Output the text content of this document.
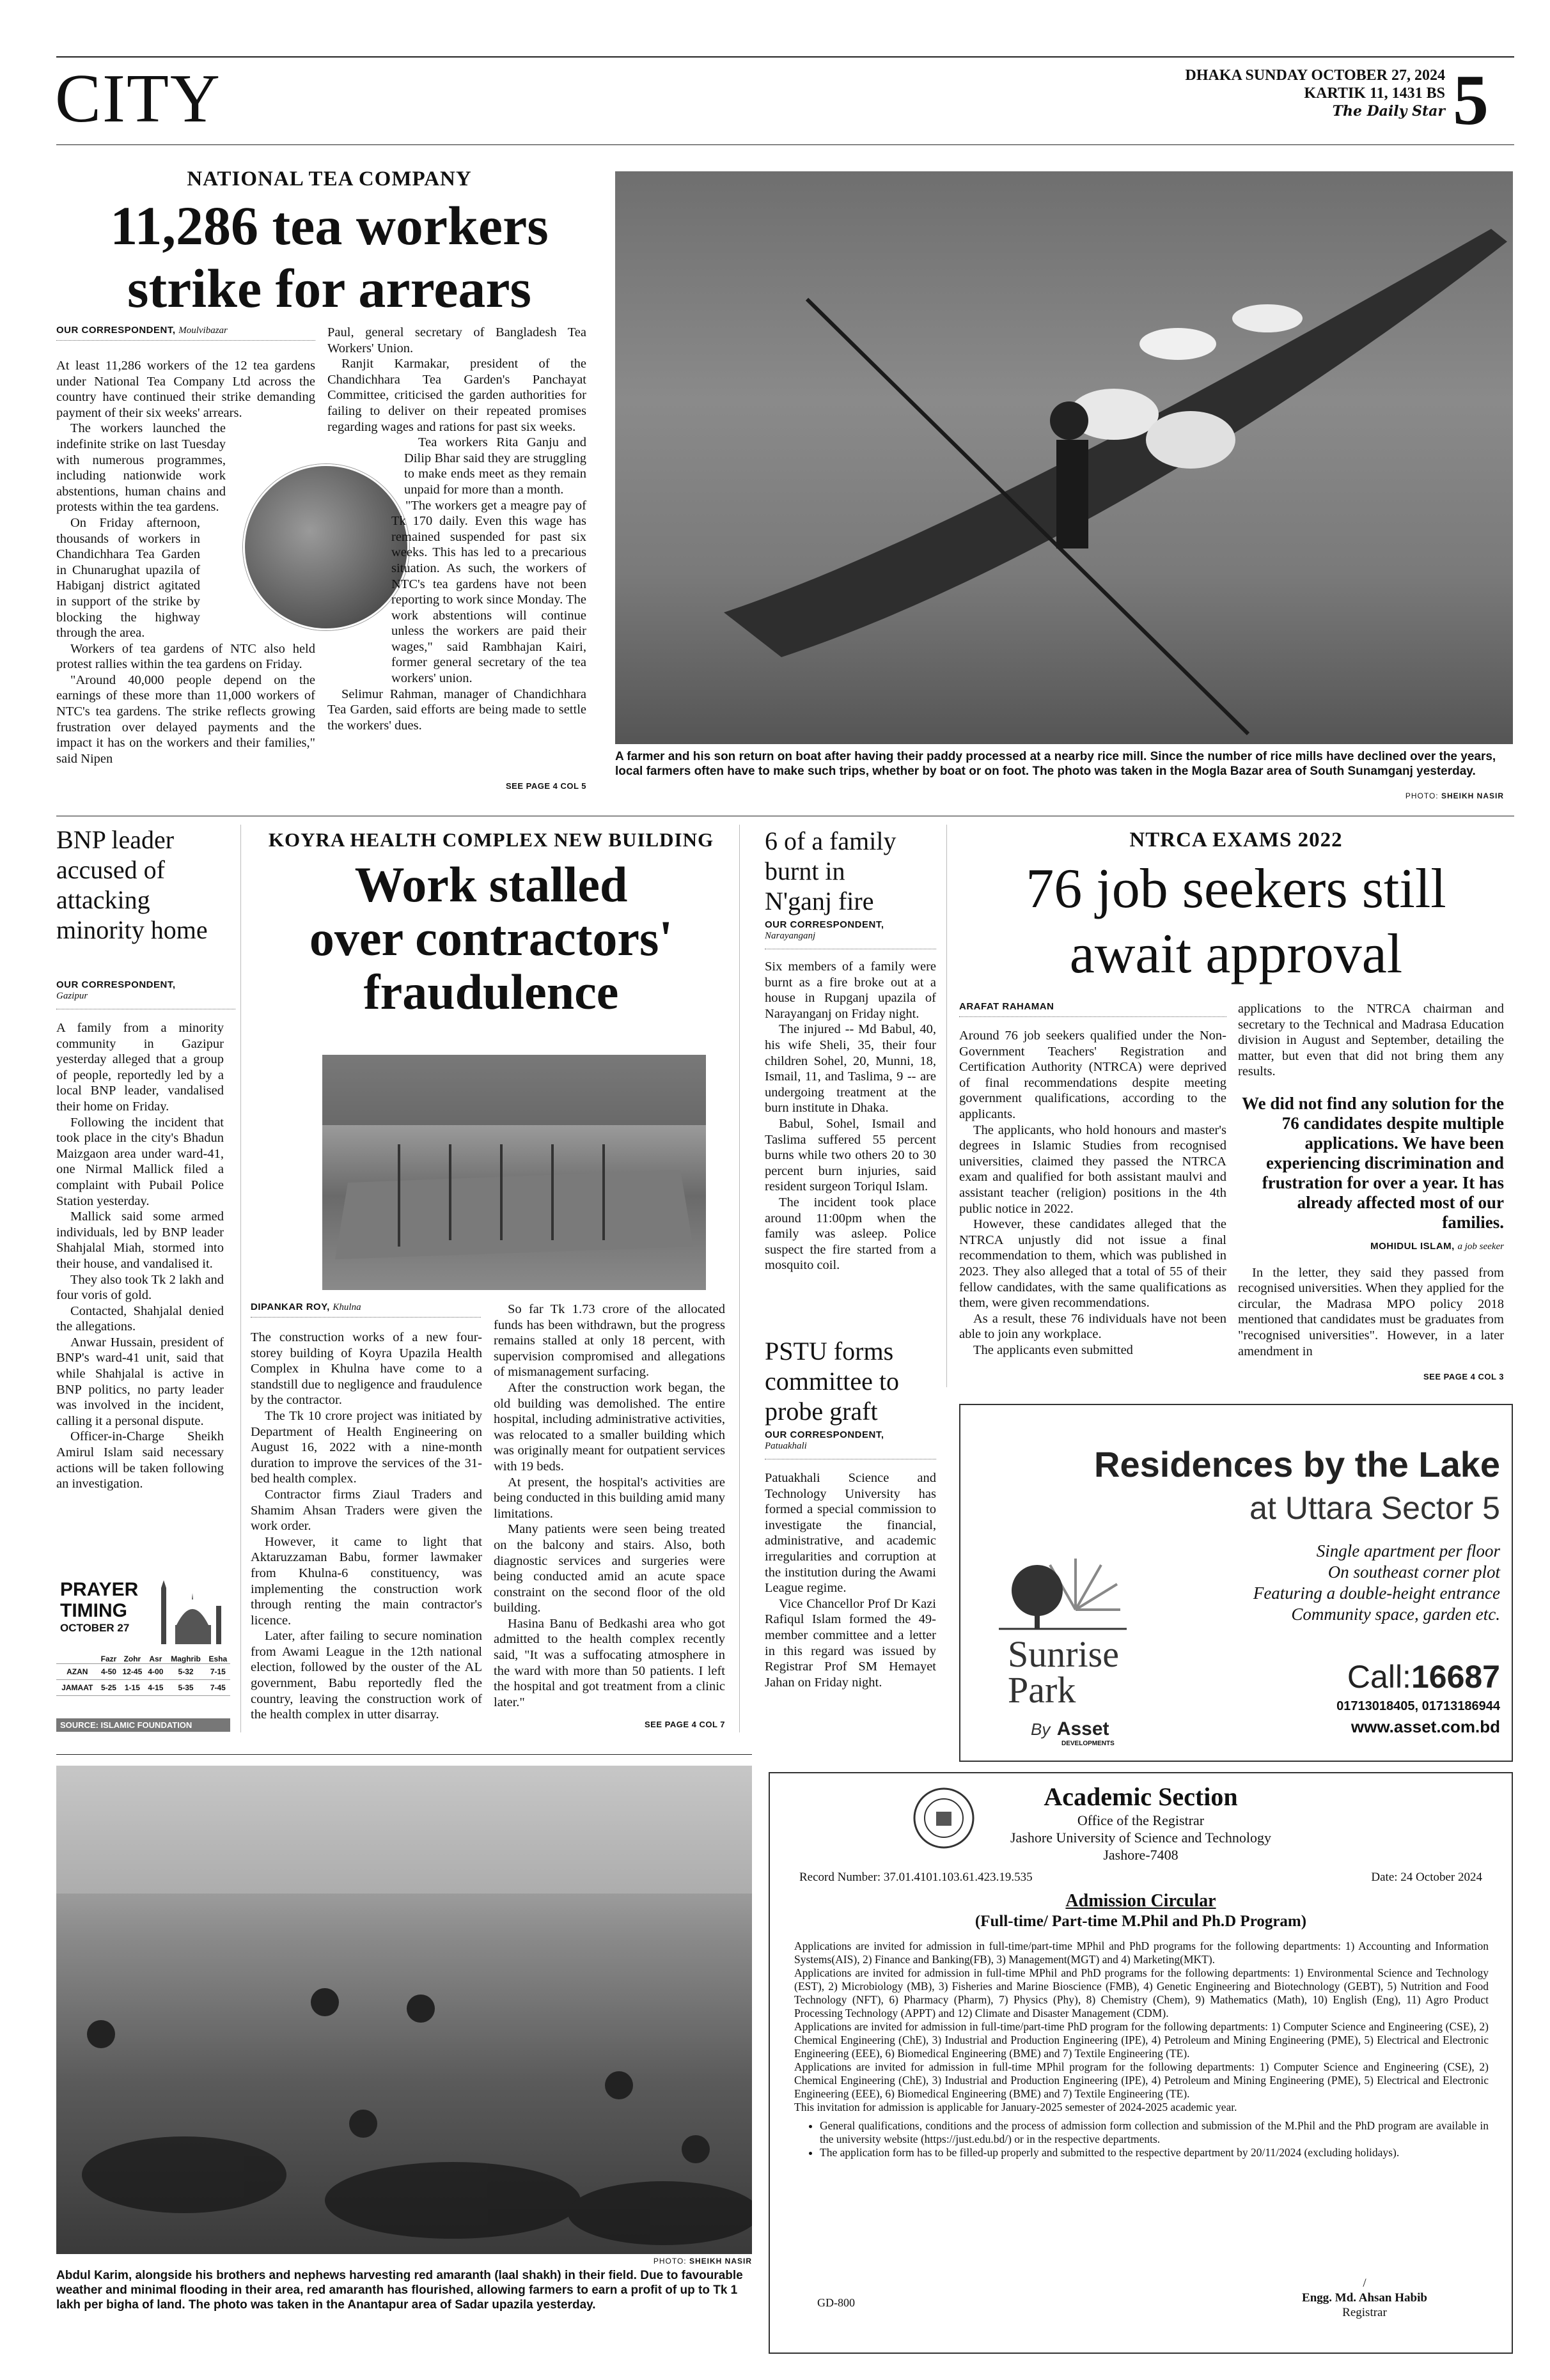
CITY	DHAKA SUNDAY OCTOBER 27, 2024
KARTIK 11, 1431 BS
The Daily Star 5
NATIONAL TEA COMPANY
11,286 tea workers
strike for arrears
OUR CORRESPONDENT, Moulvibazar

At least 11,286 workers of the 12 tea gardens under National Tea Company Ltd across the country have continued their strike demanding payment of their six weeks' arrears.

The workers launched the indefinite strike on last Tuesday with numerous programmes, including nationwide work abstentions, human chains and protests within the tea gardens.

On Friday afternoon, thousands of workers in Chandichhara Tea Garden in Chunarughat upazila of Habiganj district agitated in support of the strike by blocking the highway through the area.

Workers of tea gardens of NTC also held protest rallies within the tea gardens on Friday.

"Around 40,000 people depend on the earnings of these more than 11,000 workers of NTC's tea gardens. The strike reflects growing frustration over delayed payments and the impact it has on the workers and their families," said Nipen

Paul, general secretary of Bangladesh Tea Workers' Union.

Ranjit Karmakar, president of the Chandichhara Tea Garden's Panchayat Committee, criticised the garden authorities for failing to deliver on their repeated promises regarding wages and rations for past six weeks.

Tea workers Rita Ganju and Dilip Bhar said they are struggling to make ends meet as they remain unpaid for more than a month.

"The workers get a meagre pay of Tk 170 daily. Even this wage has remained suspended for past six weeks. This has led to a precarious situation. As such, the workers of NTC's tea gardens have not been reporting to work since Monday. The work abstentions will continue unless the workers are paid their wages," said Rambhajan Kairi, former general secretary of the tea workers' union.

Selimur Rahman, manager of Chandichhara Tea Garden, said efforts are being made to settle the workers' dues.

SEE PAGE 4 COL 5
A farmer and his son return on boat after having their paddy processed at a nearby rice mill. Since the number of rice mills have declined over the years, local farmers often have to make such trips, whether by boat or on foot. The photo was taken in the Mogla Bazar area of South Sunamganj yesterday.
PHOTO: SHEIKH NASIR
BNP leader accused of attacking minority home
OUR CORRESPONDENT,
Gazipur

A family from a minority community in Gazipur yesterday alleged that a group of people, reportedly led by a local BNP leader, vandalised their home on Friday.

Following the incident that took place in the city's Bhadun Maizgaon area under ward-41, one Nirmal Mallick filed a complaint with Pubail Police Station yesterday.

Mallick said some armed individuals, led by BNP leader Shahjalal Miah, stormed into their house, and vandalised it.

They also took Tk 2 lakh and four voris of gold.

Contacted, Shahjalal denied the allegations.

Anwar Hussain, president of BNP's ward-41 unit, said that while Shahjalal is active in BNP politics, no party leader was involved in the incident, calling it a personal dispute.

Officer-in-Charge Sheikh Amirul Islam said necessary actions will be taken following an investigation.

PRAYER
TIMING
OCTOBER 27
	Fazr	Zohr	Asr	Maghrib	Esha
AZAN	4-50	12-45	4-00	5-32	7-15
JAMAAT	5-25	1-15	4-15	5-35	7-45
SOURCE: ISLAMIC FOUNDATION
KOYRA HEALTH COMPLEX NEW BUILDING
Work stalled
over contractors'
fraudulence
DIPANKAR ROY, Khulna

The construction works of a new four-storey building of Koyra Upazila Health Complex in Khulna have come to a standstill due to negligence and fraudulence by the contractor.

The Tk 10 crore project was initiated by Department of Health Engineering on August 16, 2022 with a nine-month duration to improve the services of the 31-bed health complex.

Contractor firms Ziaul Traders and Shamim Ahsan Traders were given the work order.

However, it came to light that Aktaruzzaman Babu, former lawmaker from Khulna-6 constituency, was implementing the construction work through renting the main contractor's licence.

Later, after failing to secure nomination from Awami League in the 12th national election, followed by the ouster of the AL government, Babu reportedly fled the country, leaving the construction work of the health complex in utter disarray.

So far Tk 1.73 crore of the allocated funds has been withdrawn, but the progress remains stalled at only 18 percent, with supervision compromised and allegations of mismanagement surfacing.

After the construction work began, the old building was demolished. The entire hospital, including administrative activities, was relocated to a smaller building which was originally meant for outpatient services with 19 beds.

At present, the hospital's activities are being conducted in this building amid many limitations.

Many patients were seen being treated on the balcony and stairs. Also, both diagnostic services and surgeries were being conducted amid an acute space constraint on the second floor of the old building.

Hasina Banu of Bedkashi area who got admitted to the health complex recently said, "It was a suffocating atmosphere in the ward with more than 50 patients. I left the hospital and got treatment from a clinic later."

SEE PAGE 4 COL 7
6 of a family burnt in N'ganj fire
OUR CORRESPONDENT,
Narayanganj

Six members of a family were burnt as a fire broke out at a house in Rupganj upazila of Narayanganj on Friday night.

The injured -- Md Babul, 40, his wife Sheli, 35, their four children Sohel, 20, Munni, 18, Ismail, 11, and Taslima, 9 -- are undergoing treatment at the burn institute in Dhaka.

Babul, Sohel, Ismail and Taslima suffered 55 percent burns while two others 20 to 30 percent burn injuries, said resident surgeon Toriqul Islam.

The incident took place around 11:00pm when the family was asleep. Police suspect the fire started from a mosquito coil.

PSTU forms committee to probe graft
OUR CORRESPONDENT,
Patuakhali

Patuakhali Science and Technology University has formed a special commission to investigate the financial, administrative, and academic irregularities and corruption at the institution during the Awami League regime.

Vice Chancellor Prof Dr Kazi Rafiqul Islam formed the 49-member committee and a letter in this regard was issued by Registrar Prof SM Hemayet Jahan on Friday night.

NTRCA EXAMS 2022
76 job seekers still
await approval
ARAFAT RAHAMAN

Around 76 job seekers qualified under the Non-Government Teachers' Registration and Certification Authority (NTRCA) were deprived of final recommendations despite meeting government qualifications, according to the applicants.

The applicants, who hold honours and master's degrees in Islamic Studies from recognised universities, claimed they passed the NTRCA exam and qualified for both assistant maulvi and assistant teacher (religion) positions in the 4th public notice in 2022.

However, these candidates alleged that the NTRCA unjustly did not issue a final recommendation to them, which was published in 2023. They also alleged that a total of 55 of their fellow candidates, with the same qualifications as them, were given recommendations.

As a result, these 76 individuals have not been able to join any workplace.

The applicants even submitted

applications to the NTRCA chairman and secretary to the Technical and Madrasa Education division in August and September, detailing the matter, but even that did not bring them any results.

We did not find any solution for the 76 candidates despite multiple applications. We have been experiencing discrimination and frustration for over a year. It has already affected most of our families.
MOHIDUL ISLAM, a job seeker

In the letter, they said they passed from recognised universities. When they applied for the circular, the Madrasa MPO policy 2018 mentioned that candidates must be graduates from "recognised universities". However, in a later amendment in

SEE PAGE 4 COL 3
Residences by the Lake
at Uttara Sector 5
Single apartment per floor
On southeast corner plot
Featuring a double-height entrance
Community space, garden etc.
Sunrise
Park
By Asset
DEVELOPMENTS
Call:16687
01713018405, 01713186944
www.asset.com.bd
PHOTO: SHEIKH NASIR
Abdul Karim, alongside his brothers and nephews harvesting red amaranth (laal shakh) in their field. Due to favourable weather and minimal flooding in their area, red amaranth has flourished, allowing farmers to earn a profit of up to Tk 1 lakh per bigha of land. The photo was taken in the Anantapur area of Sadar upazila yesterday.
Academic Section
Office of the Registrar
Jashore University of Science and Technology
Jashore-7408
Record Number: 37.01.4101.103.61.423.19.535	Date: 24 October 2024
Admission Circular
(Full-time/ Part-time M.Phil and Ph.D Program)
Applications are invited for admission in full-time/part-time MPhil and PhD programs for the following departments: 1) Accounting and Information Systems(AIS), 2) Finance and Banking(FB), 3) Management(MGT) and 4) Marketing(MKT).
Applications are invited for admission in full-time MPhil and PhD programs for the following departments: 1) Environmental Science and Technology (EST), 2) Microbiology (MB), 3) Fisheries and Marine Bioscience (FMB), 4) Genetic Engineering and Biotechnology (GEBT), 5) Nutrition and Food Technology (NFT), 6) Pharmacy (Pharm), 7) Physics (Phy), 8) Chemistry (Chem), 9) Mathematics (Math), 10) English (Eng), 11) Agro Product Processing Technology (APPT) and 12) Climate and Disaster Management (CDM).
Applications are invited for admission in full-time/part-time PhD program for the following departments: 1) Computer Science and Engineering (CSE), 2) Chemical Engineering (ChE), 3) Industrial and Production Engineering (IPE), 4) Petroleum and Mining Engineering (PME), 5) Electrical and Electronic Engineering (EEE), 6) Biomedical Engineering (BME) and 7) Textile Engineering (TE).
Applications are invited for admission in full-time MPhil program for the following departments: 1) Computer Science and Engineering (CSE), 2) Chemical Engineering (ChE), 3) Industrial and Production Engineering (IPE), 4) Petroleum and Mining Engineering (PME), 5) Electrical and Electronic Engineering (EEE), 6) Biomedical Engineering (BME) and 7) Textile Engineering (TE).
This invitation for admission is applicable for January-2025 semester of 2024-2025 academic year.
• General qualifications, conditions and the process of admission form collection and submission of the M.Phil and the PhD program are available in the university website (https://just.edu.bd/) or in the respective departments.
• The application form has to be filled-up properly and submitted to the respective department by 20/11/2024 (excluding holidays).
GD-800
/
Engg. Md. Ahsan Habib
Registrar
